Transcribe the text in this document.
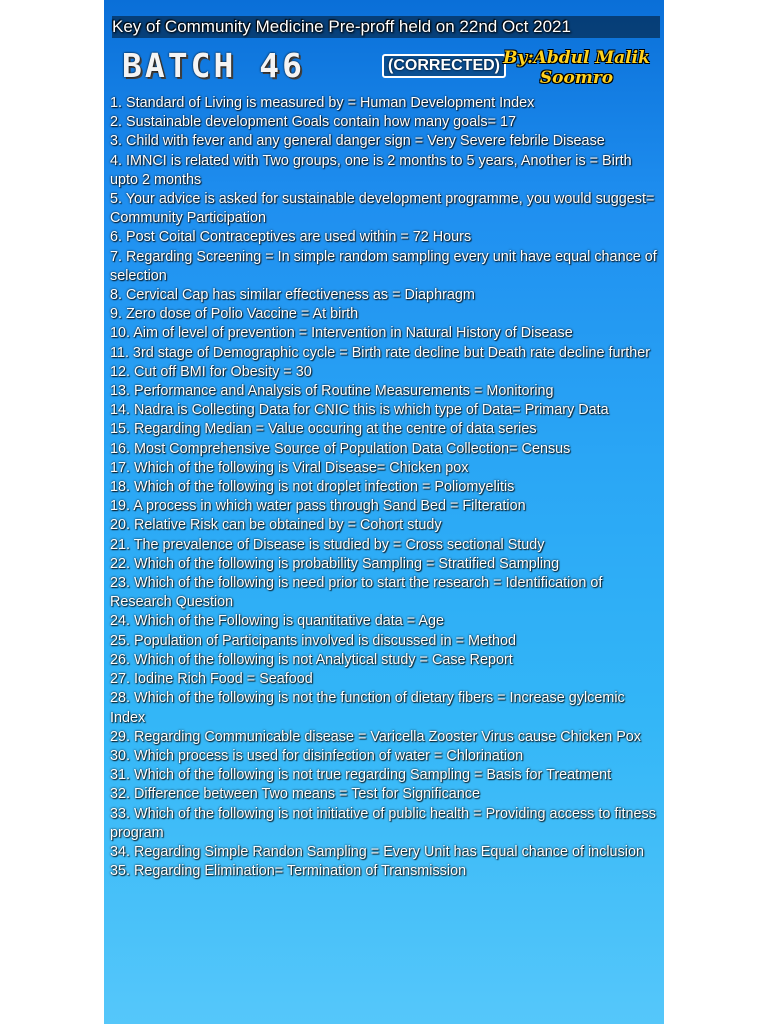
Key of Community Medicine Pre-proff held on 22nd Oct 2021
BATCH 46	(CORRECTED) By:Abdul Malik Soomro
1. Standard of Living is measured by = Human Development Index
2. Sustainable development Goals contain how many goals= 17
3. Child with fever and any general danger sign = Very Severe febrile Disease
4. IMNCI is related with Two groups, one is 2 months to 5 years, Another is = Birth upto 2 months
5. Your advice is asked for sustainable development programme, you would suggest= Community Participation
6. Post Coital Contraceptives are used within = 72 Hours
7. Regarding Screening = In simple random sampling every unit have equal chance of selection
8. Cervical Cap has similar effectiveness as = Diaphragm
9. Zero dose of Polio Vaccine = At birth
10. Aim of level of prevention = Intervention in Natural History of Disease
11. 3rd stage of Demographic cycle = Birth rate decline but Death rate decline further
12. Cut off BMI for Obesity = 30
13. Performance and Analysis of Routine Measurements = Monitoring
14. Nadra is Collecting Data for CNIC this is which type of Data= Primary Data
15. Regarding Median = Value occuring at the centre of data series
16. Most Comprehensive Source of Population Data Collection= Census
17. Which of the following is Viral Disease= Chicken pox
18. Which of the following is not droplet infection = Poliomyelitis
19. A process in which water pass through Sand Bed = Filteration
20. Relative Risk can be obtained by = Cohort study
21. The prevalence of Disease is studied by = Cross sectional Study
22. Which of the following is probability Sampling = Stratified Sampling
23. Which of the following is need prior to start the research = Identification of Research Question
24. Which of the Following is quantitative data = Age
25. Population of Participants involved is discussed in = Method
26. Which of the following is not Analytical study = Case Report
27. Iodine Rich Food = Seafood
28. Which of the following is not the function of dietary fibers = Increase gylcemic Index
29. Regarding Communicable disease = Varicella Zooster Virus cause Chicken Pox
30. Which process is used for disinfection of water = Chlorination
31. Which of the following is not true regarding Sampling = Basis for Treatment
32. Difference between Two means = Test for Significance
33. Which of the following is not initiative of public health = Providing access to fitness program
34. Regarding Simple Randon Sampling = Every Unit has Equal chance of inclusion
35. Regarding Elimination= Termination of Transmission
